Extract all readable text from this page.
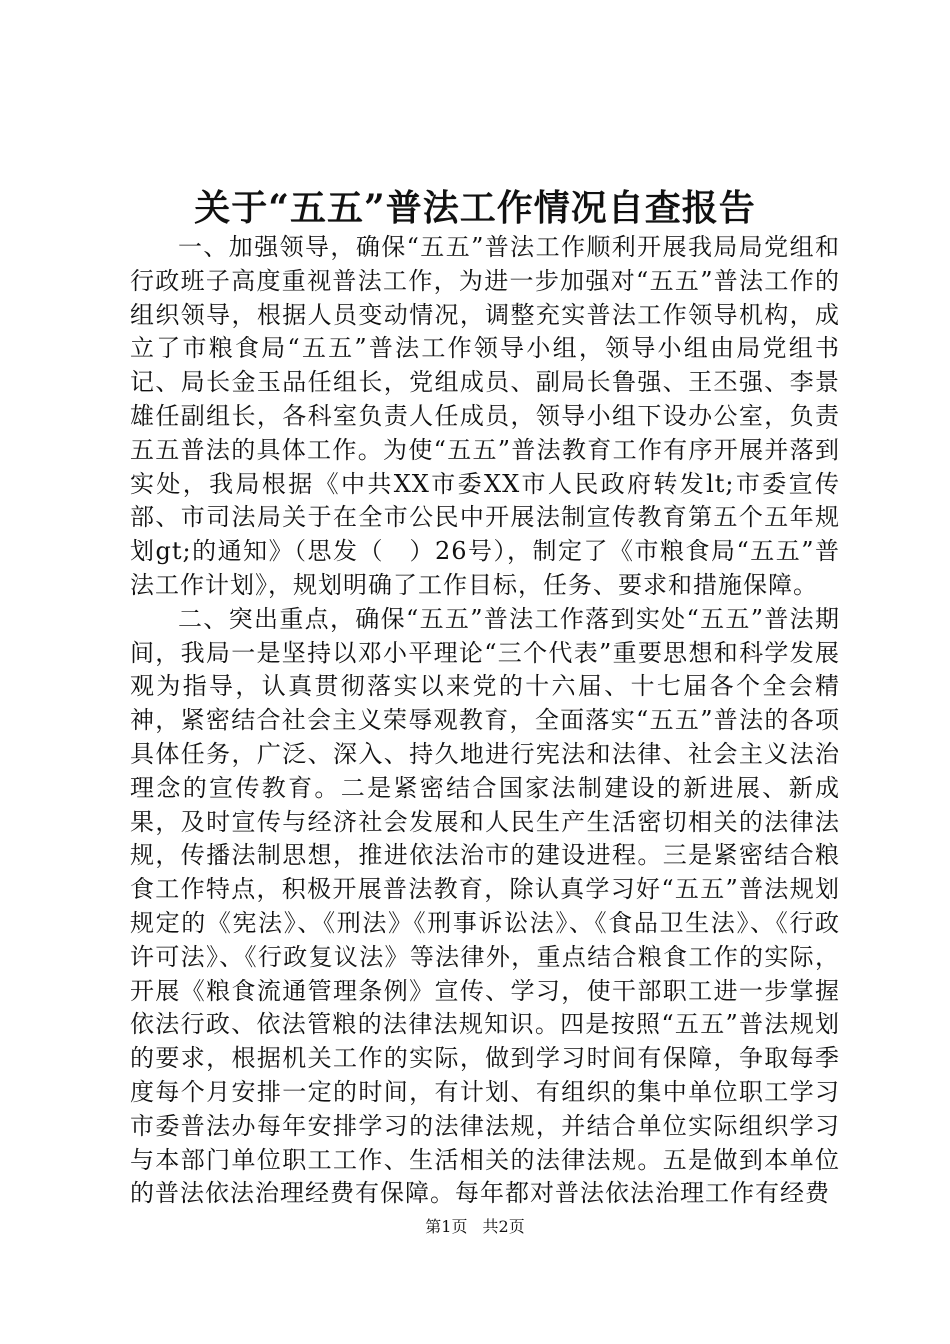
关于“五五”普法工作情况自查报告

一、加强领导，确保“五五”普法工作顺利开展我局局党组和行政班子高度重视普法工作，为进一步加强对“五五”普法工作的组织领导，根据人员变动情况，调整充实普法工作领导机构，成立了市粮食局“五五”普法工作领导小组，领导小组由局党组书记、局长金玉品任组长，党组成员、副局长鲁强、王丕强、李景雄任副组长，各科室负责人任成员，领导小组下设办公室，负责五五普法的具体工作。为使“五五”普法教育工作有序开展并落到实处，我局根据《中共XX市委XX市人民政府转发lt;市委宣传部、市司法局关于在全市公民中开展法制宣传教育第五个五年规划gt;的通知》（思发（　）26号），制定了《市粮食局“五五”普法工作计划》，规划明确了工作目标，任务、要求和措施保障。

二、突出重点，确保“五五”普法工作落到实处“五五”普法期间，我局一是坚持以邓小平理论“三个代表”重要思想和科学发展观为指导，认真贯彻落实以来党的十六届、十七届各个全会精神，紧密结合社会主义荣辱观教育，全面落实“五五”普法的各项具体任务，广泛、深入、持久地进行宪法和法律、社会主义法治理念的宣传教育。二是紧密结合国家法制建设的新进展、新成果，及时宣传与经济社会发展和人民生产生活密切相关的法律法规，传播法制思想，推进依法治市的建设进程。三是紧密结合粮食工作特点，积极开展普法教育，除认真学习好“五五”普法规划规定的《宪法》、《刑法》《刑事诉讼法》、《食品卫生法》、《行政许可法》、《行政复议法》等法律外，重点结合粮食工作的实际，开展《粮食流通管理条例》宣传、学习，使干部职工进一步掌握依法行政、依法管粮的法律法规知识。四是按照“五五”普法规划的要求，根据机关工作的实际，做到学习时间有保障，争取每季度每个月安排一定的时间，有计划、有组织的集中单位职工学习市委普法办每年安排学习的法律法规，并结合单位实际组织学习与本部门单位职工工作、生活相关的法律法规。五是做到本单位的普法依法治理经费有保障。每年都对普法依法治理工作有经费

第1页 共2页
